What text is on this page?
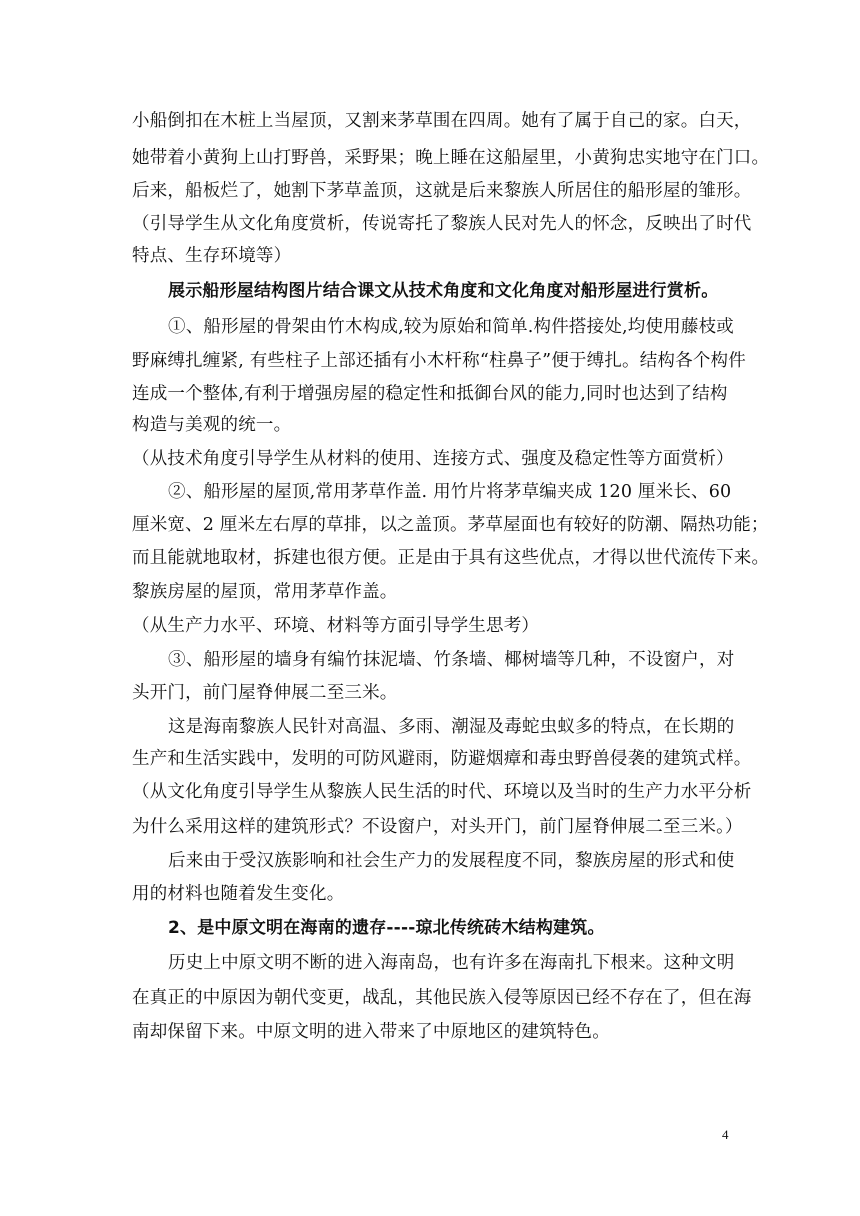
小船倒扣在木桩上当屋顶，又割来茅草围在四周。她有了属于自己的家。白天，
她带着小黄狗上山打野兽，采野果；晚上睡在这船屋里，小黄狗忠实地守在门口。
后来，船板烂了，她割下茅草盖顶，这就是后来黎族人所居住的船形屋的雏形。
（引导学生从文化角度赏析，传说寄托了黎族人民对先人的怀念，反映出了时代
特点、生存环境等）
展示船形屋结构图片结合课文从技术角度和文化角度对船形屋进行赏析。
①、船形屋的骨架由竹木构成,较为原始和简单.构件搭接处,均使用藤枝或
野麻缚扎缠紧, 有些柱子上部还插有小木杆称“柱鼻子”便于缚扎。结构各个构件
连成一个整体,有利于增强房屋的稳定性和抵御台风的能力,同时也达到了结构
构造与美观的统一。
（从技术角度引导学生从材料的使用、连接方式、强度及稳定性等方面赏析）
②、船形屋的屋顶,常用茅草作盖. 用竹片将茅草编夹成 120 厘米长、60
厘米宽、2 厘米左右厚的草排，以之盖顶。茅草屋面也有较好的防潮、隔热功能；
而且能就地取材，拆建也很方便。正是由于具有这些优点，才得以世代流传下来。
黎族房屋的屋顶，常用茅草作盖。
（从生产力水平、环境、材料等方面引导学生思考）
③、船形屋的墙身有编竹抹泥墙、竹条墙、椰树墙等几种，不设窗户，对
头开门，前门屋脊伸展二至三米。
这是海南黎族人民针对高温、多雨、潮湿及毒蛇虫蚁多的特点，在长期的
生产和生活实践中，发明的可防风避雨，防避烟瘴和毒虫野兽侵袭的建筑式样。
（从文化角度引导学生从黎族人民生活的时代、环境以及当时的生产力水平分析
为什么采用这样的建筑形式？不设窗户，对头开门，前门屋脊伸展二至三米。）
后来由于受汉族影响和社会生产力的发展程度不同，黎族房屋的形式和使
用的材料也随着发生变化。
2、是中原文明在海南的遗存----琼北传统砖木结构建筑。
历史上中原文明不断的进入海南岛，也有许多在海南扎下根来。这种文明
在真正的中原因为朝代变更，战乱，其他民族入侵等原因已经不存在了，但在海
南却保留下来。中原文明的进入带来了中原地区的建筑特色。
4
